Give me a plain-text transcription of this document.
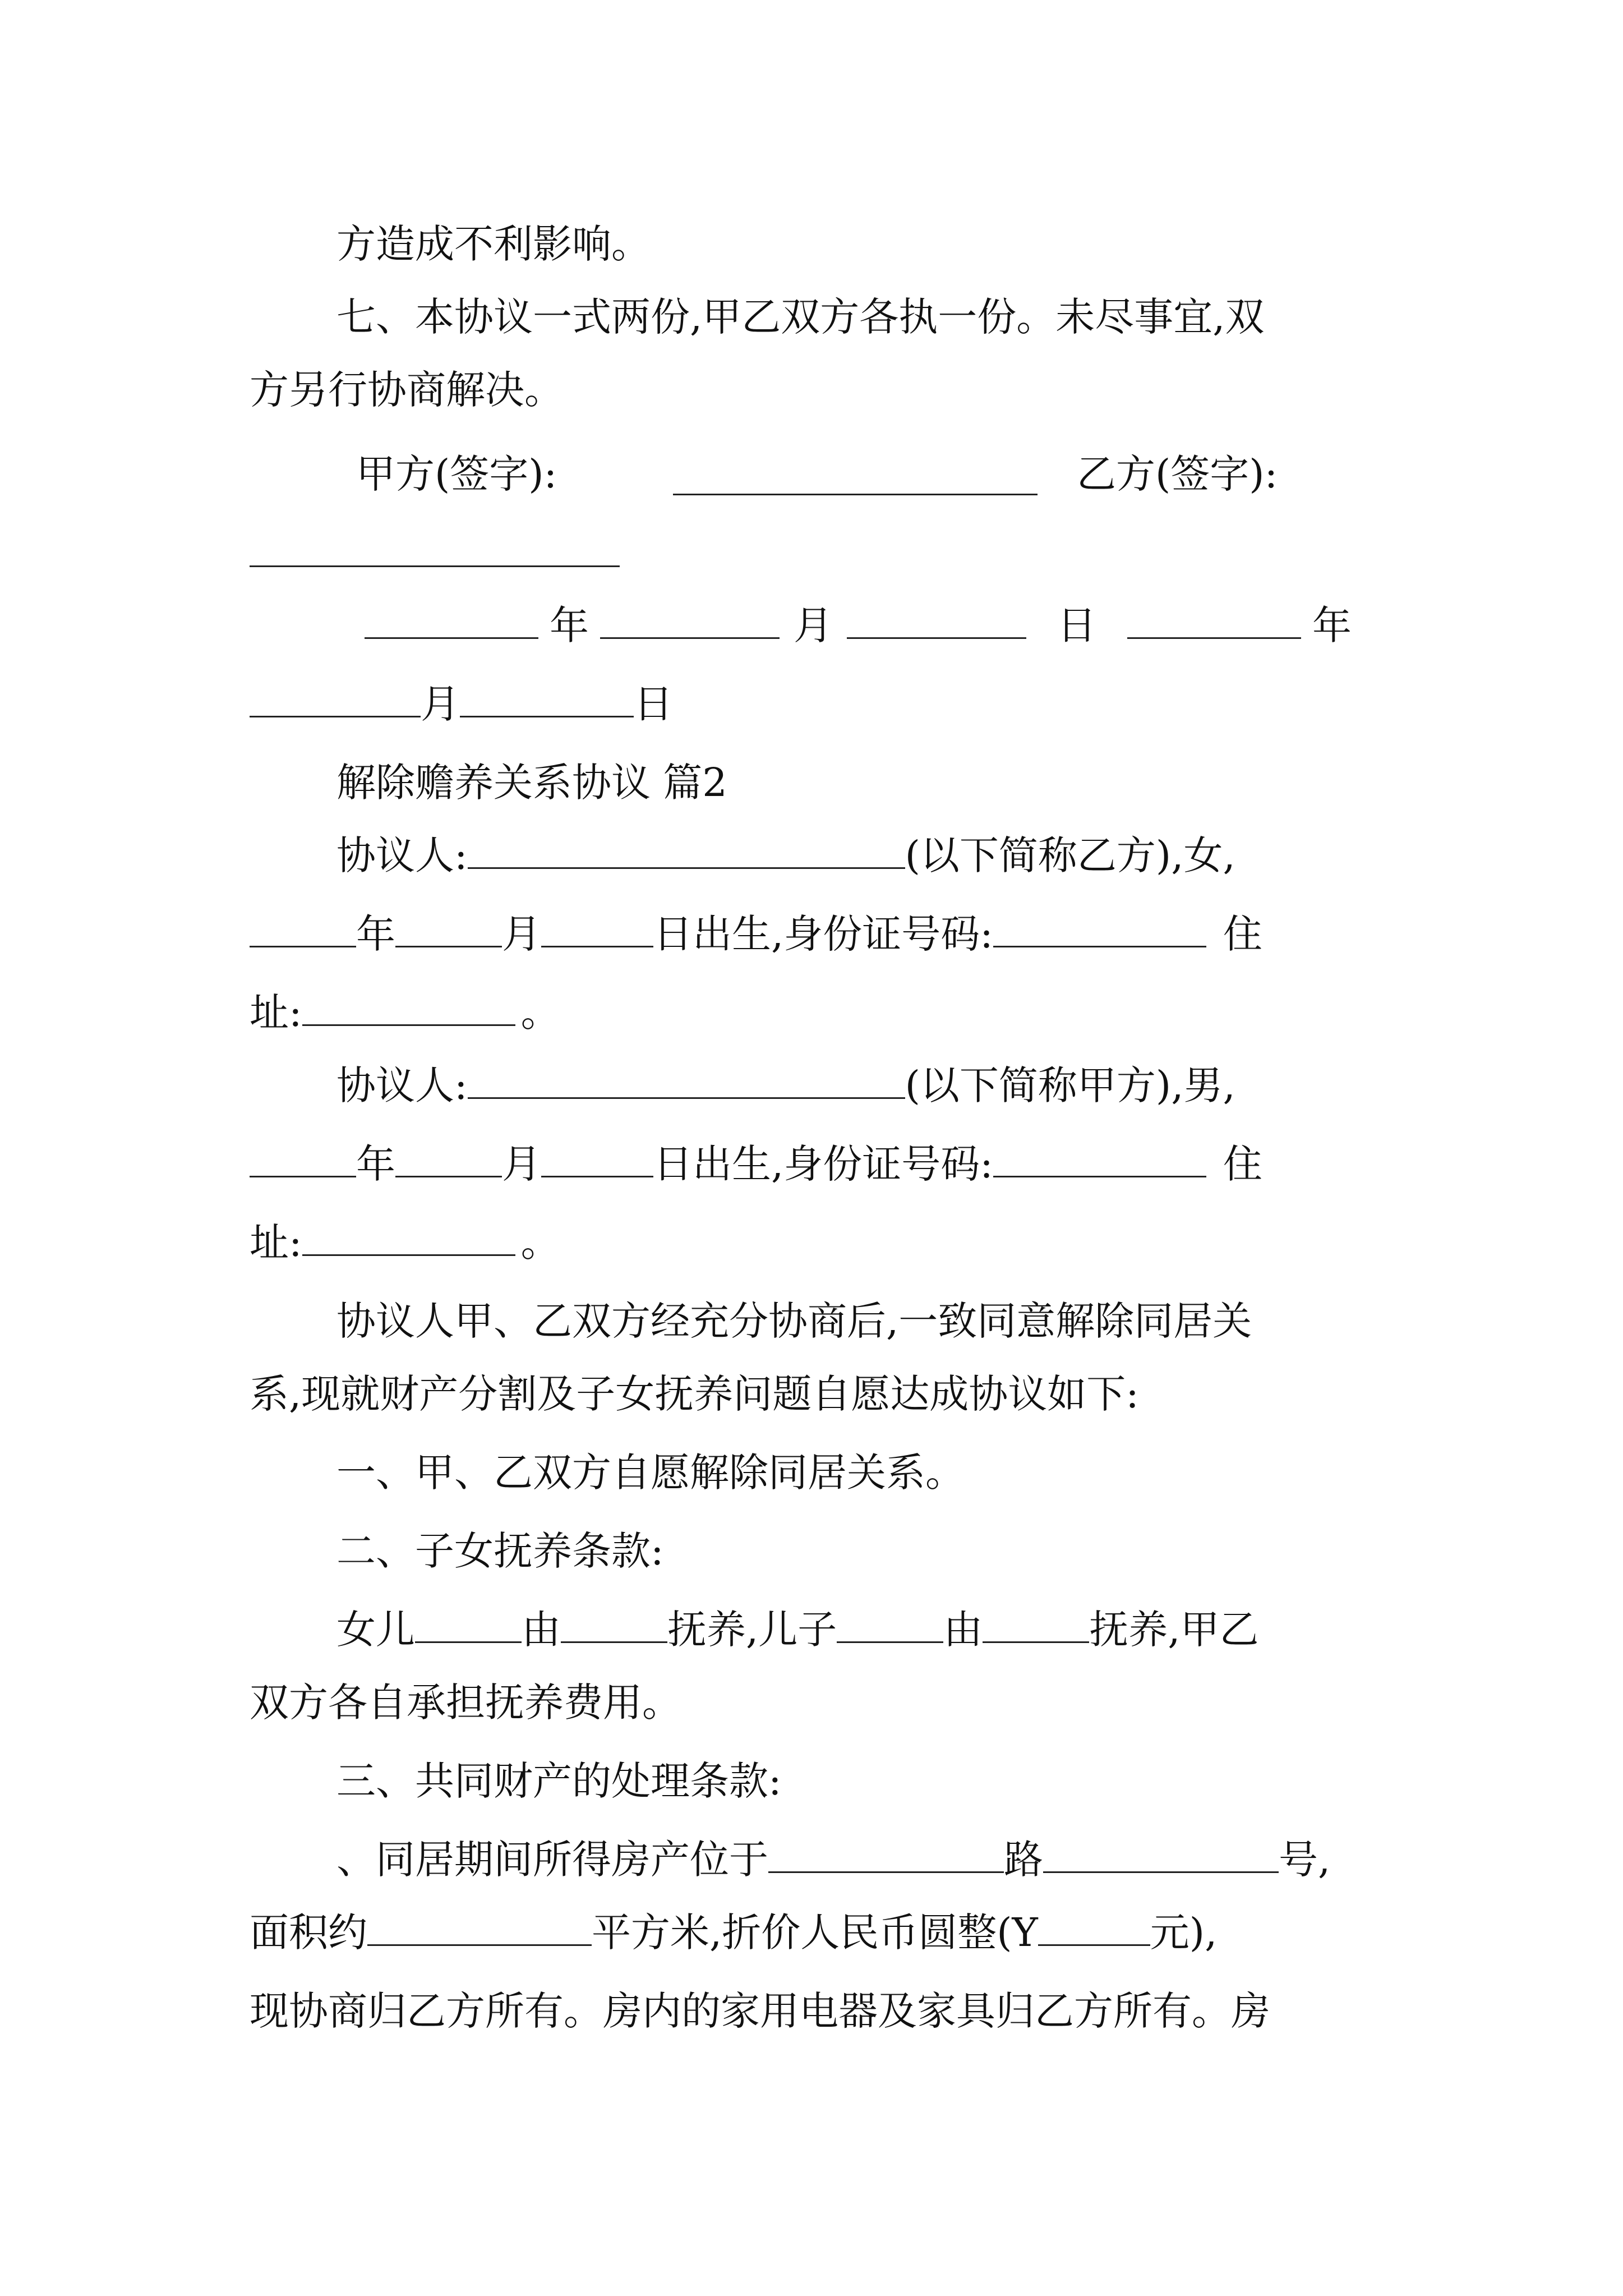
方造成不利影响。
七、本协议一式两份,甲乙双方各执一份。未尽事宜,双
方另行协商解决。
甲方(签字):	乙方(签字):
年	月	日	年
月	日
解除赡养关系协议 篇2
协议人:	(以下简称乙方),女,
年	月	日出生,身份证号码:	住
址:	。
协议人:	(以下简称甲方),男,
年	月	日出生,身份证号码:	住
址:	。
协议人甲、乙双方经充分协商后,一致同意解除同居关
系,现就财产分割及子女抚养问题自愿达成协议如下:
一、甲、乙双方自愿解除同居关系。
二、子女抚养条款:
女儿	由	抚养,儿子	由	抚养,甲乙
双方各自承担抚养费用。
三、共同财产的处理条款:
、同居期间所得房产位于	路	号,
面积约	平方米,折价人民币圆整(Y	元),
现协商归乙方所有。房内的家用电器及家具归乙方所有。房
